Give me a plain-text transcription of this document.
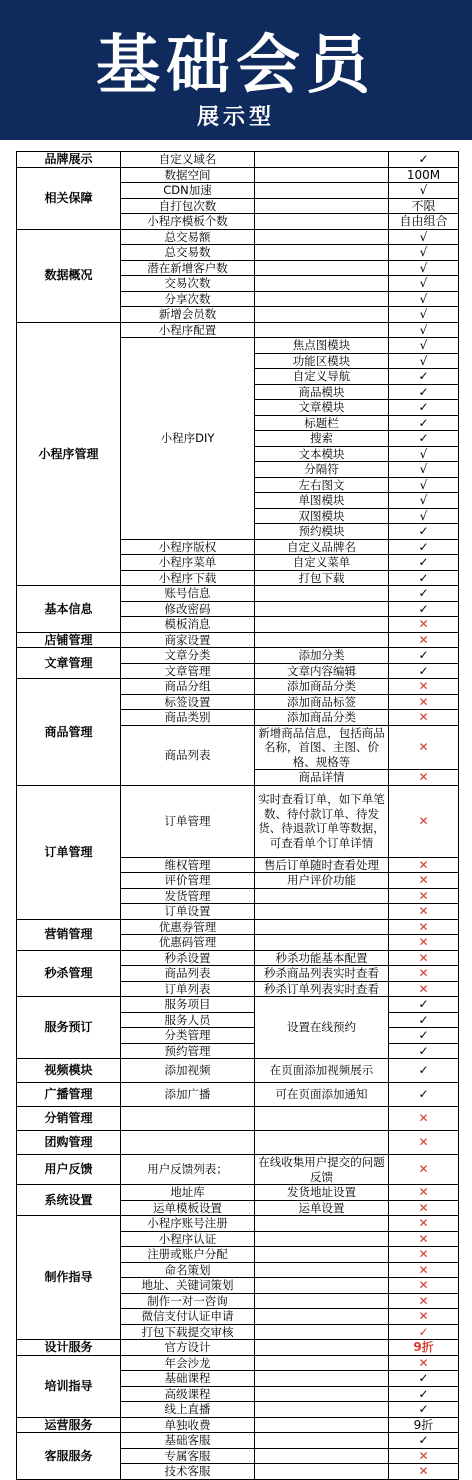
基础会员
展示型
品牌展示	自定义域名		✓
相关保障	数据空间		100M
	CDN加速		√
	自打包次数		不限
	小程序模板个数		自由组合
数据概况	总交易额		√
	总交易数		√
	潜在新增客户数		√
	交易次数		√
	分享次数		√
	新增会员数		√
小程序管理	小程序配置		√
	小程序DIY	焦点图模块	√
		功能区模块	√
		自定义导航	✓
		商品模块	✓
		文章模块	✓
		标题栏	✓
		搜索	✓
		文本模块	√
		分隔符	√
		左右图文	√
		单图模块	√
		双图模块	√
		预约模块	✓
	小程序版权	自定义品牌名	✓
	小程序菜单	自定义菜单	✓
	小程序下载	打包下载	✓
基本信息	账号信息		✓
	修改密码		✓
	模板消息		✕
店铺管理	商家设置		✕
文章管理	文章分类	添加分类	✓
	文章管理	文章内容编辑	✓
商品管理	商品分组	添加商品分类	✕
	标签设置	添加商品标签	✕
	商品类别	添加商品分类	✕
	商品列表	新增商品信息，包括商品名称，首图、主图、价格、规格等	✕
		商品详情	✕
订单管理	订单管理	实时查看订单，如下单笔数、待付款订单、待发货、待退款订单等数据，可查看单个订单详情	✕
	维权管理	售后订单随时查看处理	✕
	评价管理	用户评价功能	✕
	发货管理		✕
	订单设置		✕
营销管理	优惠券管理		✕
	优惠码管理		✕
秒杀管理	秒杀设置	秒杀功能基本配置	✕
	商品列表	秒杀商品列表实时查看	✕
	订单列表	秒杀订单列表实时查看	✕
服务预订	服务项目	设置在线预约	✓
	服务人员		✓
	分类管理		✓
	预约管理		✓
视频模块	添加视频	在页面添加视频展示	✓
广播管理	添加广播	可在页面添加通知	✓
分销管理			✕
团购管理			✕
用户反馈	用户反馈列表；	在线收集用户提交的问题反馈	✕
系统设置	地址库	发货地址设置	✕
	运单模板设置	运单设置	✕
制作指导	小程序账号注册		✕
	小程序认证		✕
	注册或账户分配		✕
	命名策划		✕
	地址、关键词策划		✕
	制作一对一咨询		✕
	微信支付认证申请		✕
	打包下载提交审核		✓
设计服务	官方设计		9折
培训指导	年会沙龙		✕
	基础课程		✓
	高级课程		✓
	线上直播		✓
运营服务	单独收费		9折
客服服务	基础客服		✓
	专属客服		✕
	技术客服		✕
